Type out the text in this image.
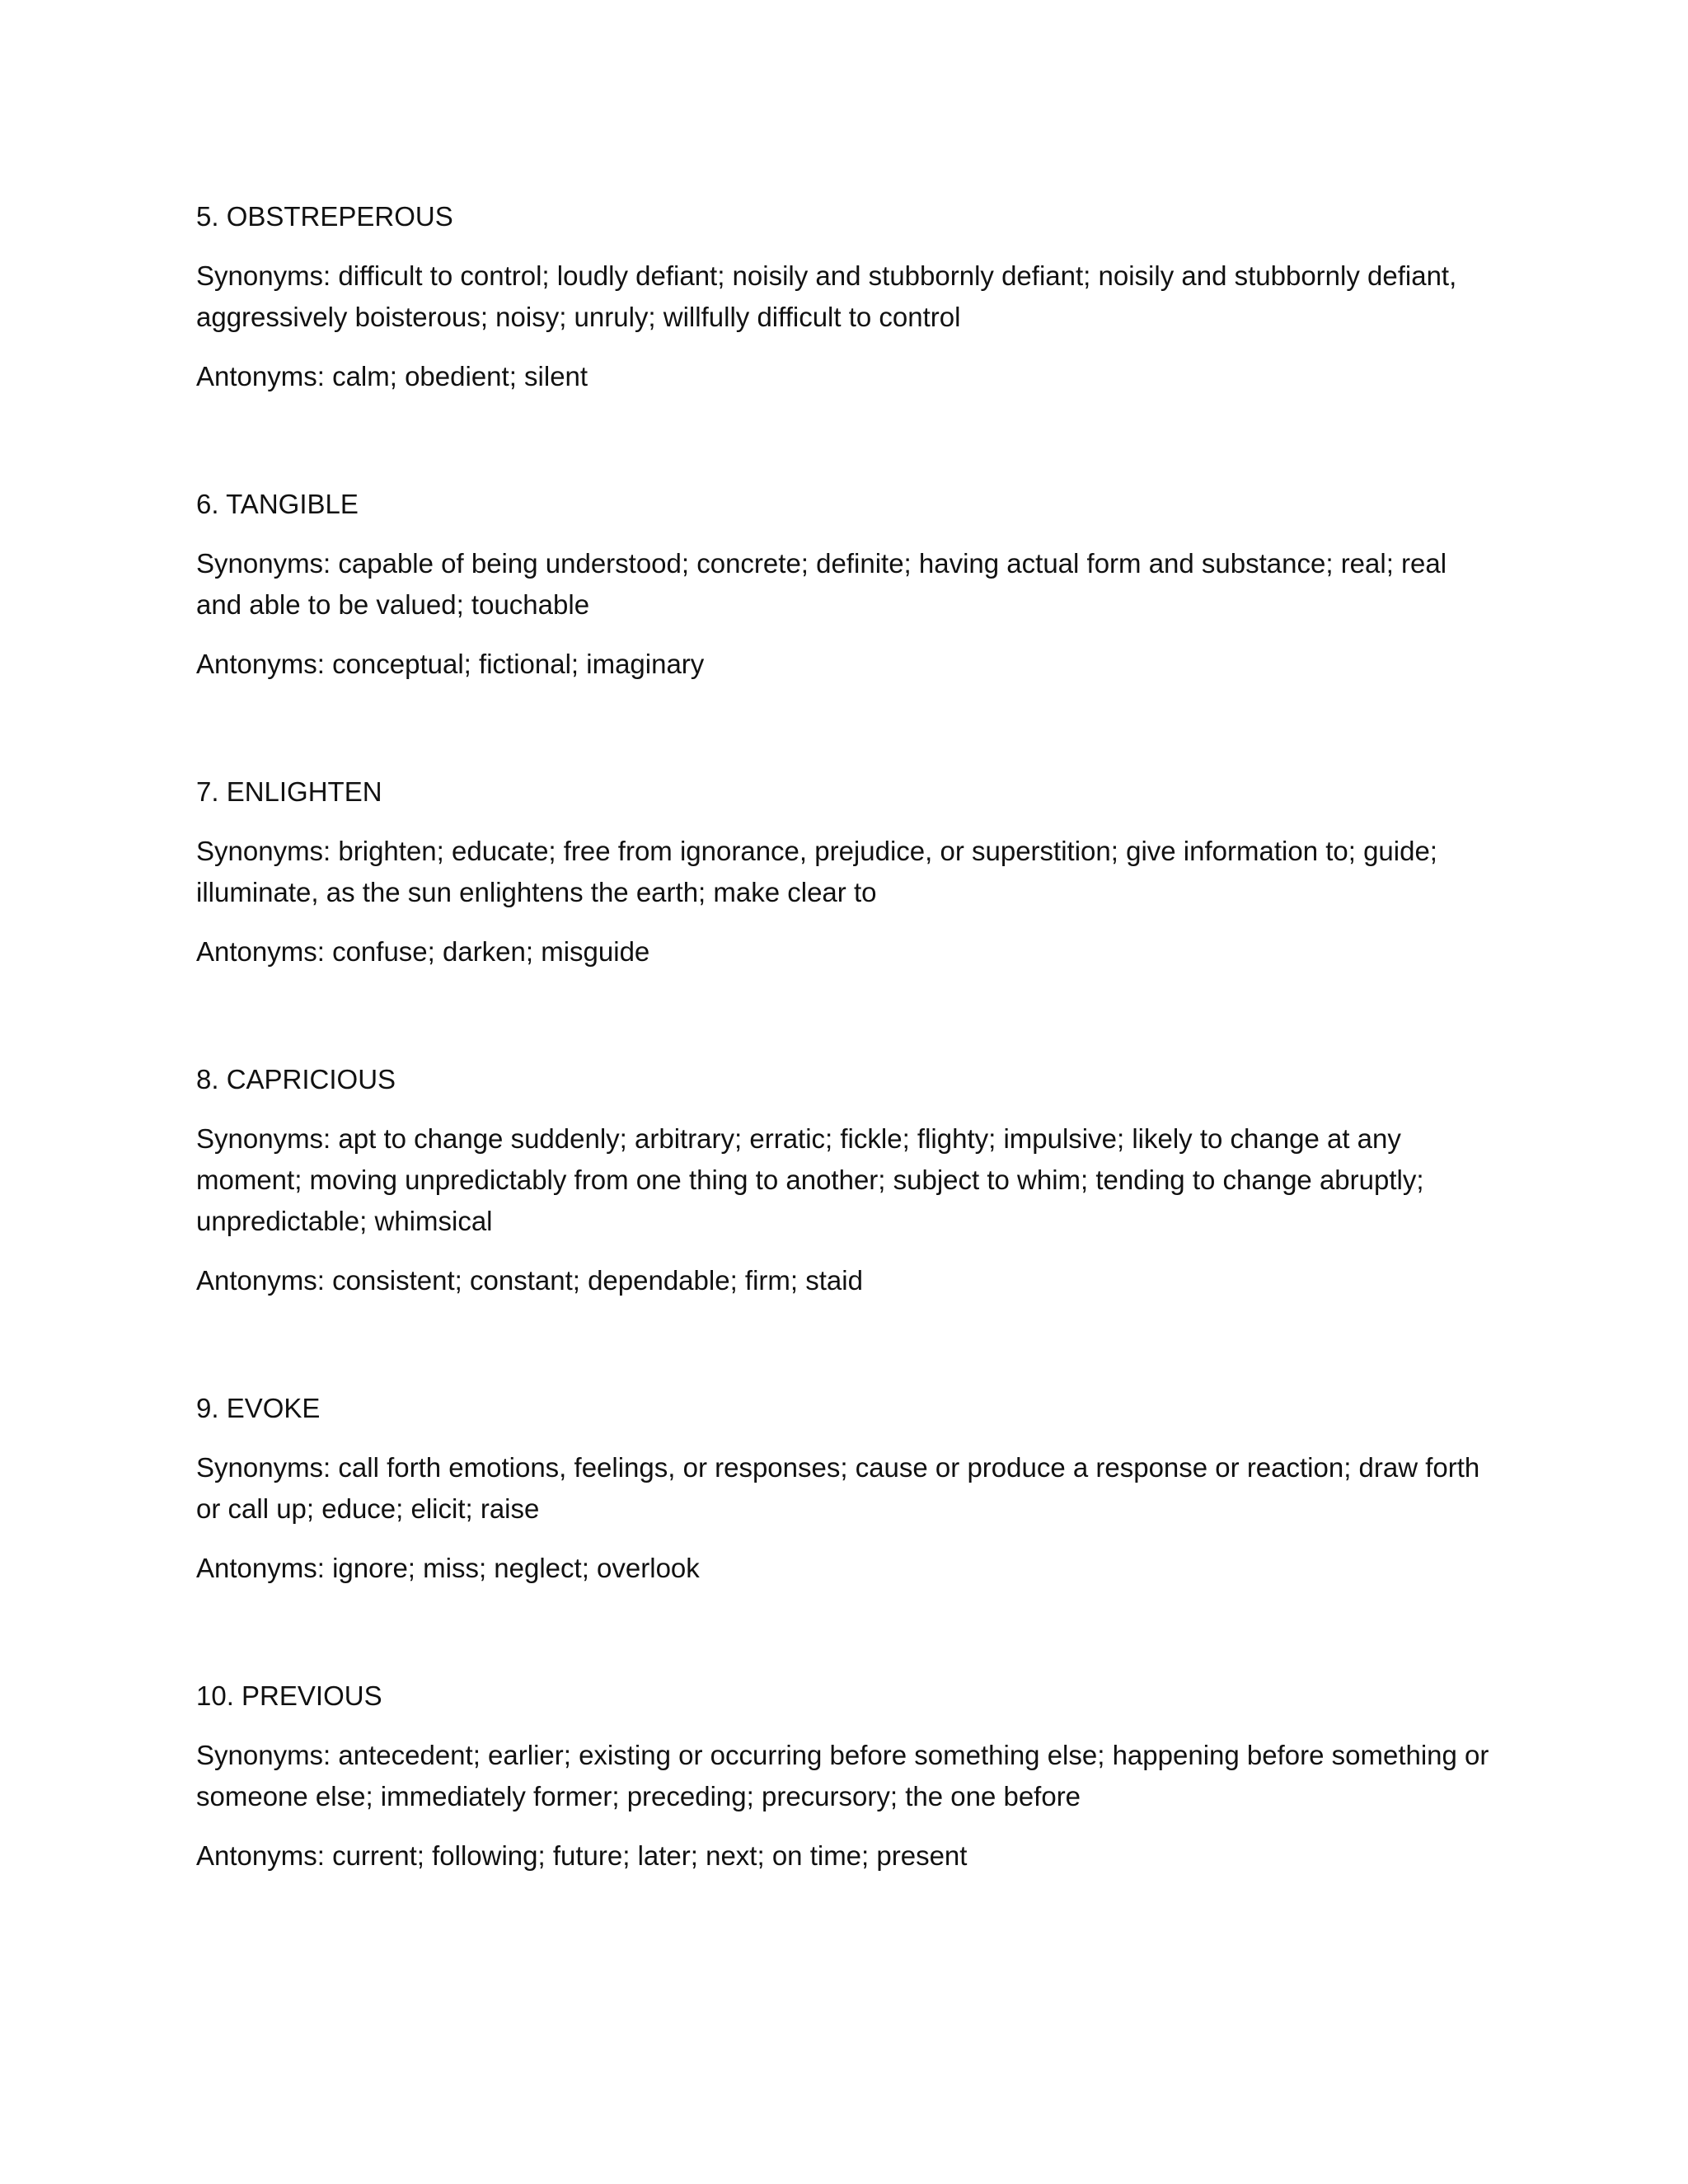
5. OBSTREPEROUS

Synonyms: difficult to control; loudly defiant; noisily and stubbornly defiant; noisily and stubbornly defiant, aggressively boisterous; noisy; unruly; willfully difficult to control

Antonyms: calm; obedient; silent

6. TANGIBLE

Synonyms: capable of being understood; concrete; definite; having actual form and substance; real; real and able to be valued; touchable

Antonyms: conceptual; fictional; imaginary

7. ENLIGHTEN

Synonyms: brighten; educate; free from ignorance, prejudice, or superstition; give information to; guide; illuminate, as the sun enlightens the earth; make clear to

Antonyms: confuse; darken; misguide

8. CAPRICIOUS

Synonyms: apt to change suddenly; arbitrary; erratic; fickle; flighty; impulsive; likely to change at any moment; moving unpredictably from one thing to another; subject to whim; tending to change abruptly; unpredictable; whimsical

Antonyms: consistent; constant; dependable; firm; staid

9. EVOKE

Synonyms: call forth emotions, feelings, or responses; cause or produce a response or reaction; draw forth or call up; educe; elicit; raise

Antonyms: ignore; miss; neglect; overlook

10. PREVIOUS

Synonyms: antecedent; earlier; existing or occurring before something else; happening before something or someone else; immediately former; preceding; precursory; the one before

Antonyms: current; following; future; later; next; on time; present
